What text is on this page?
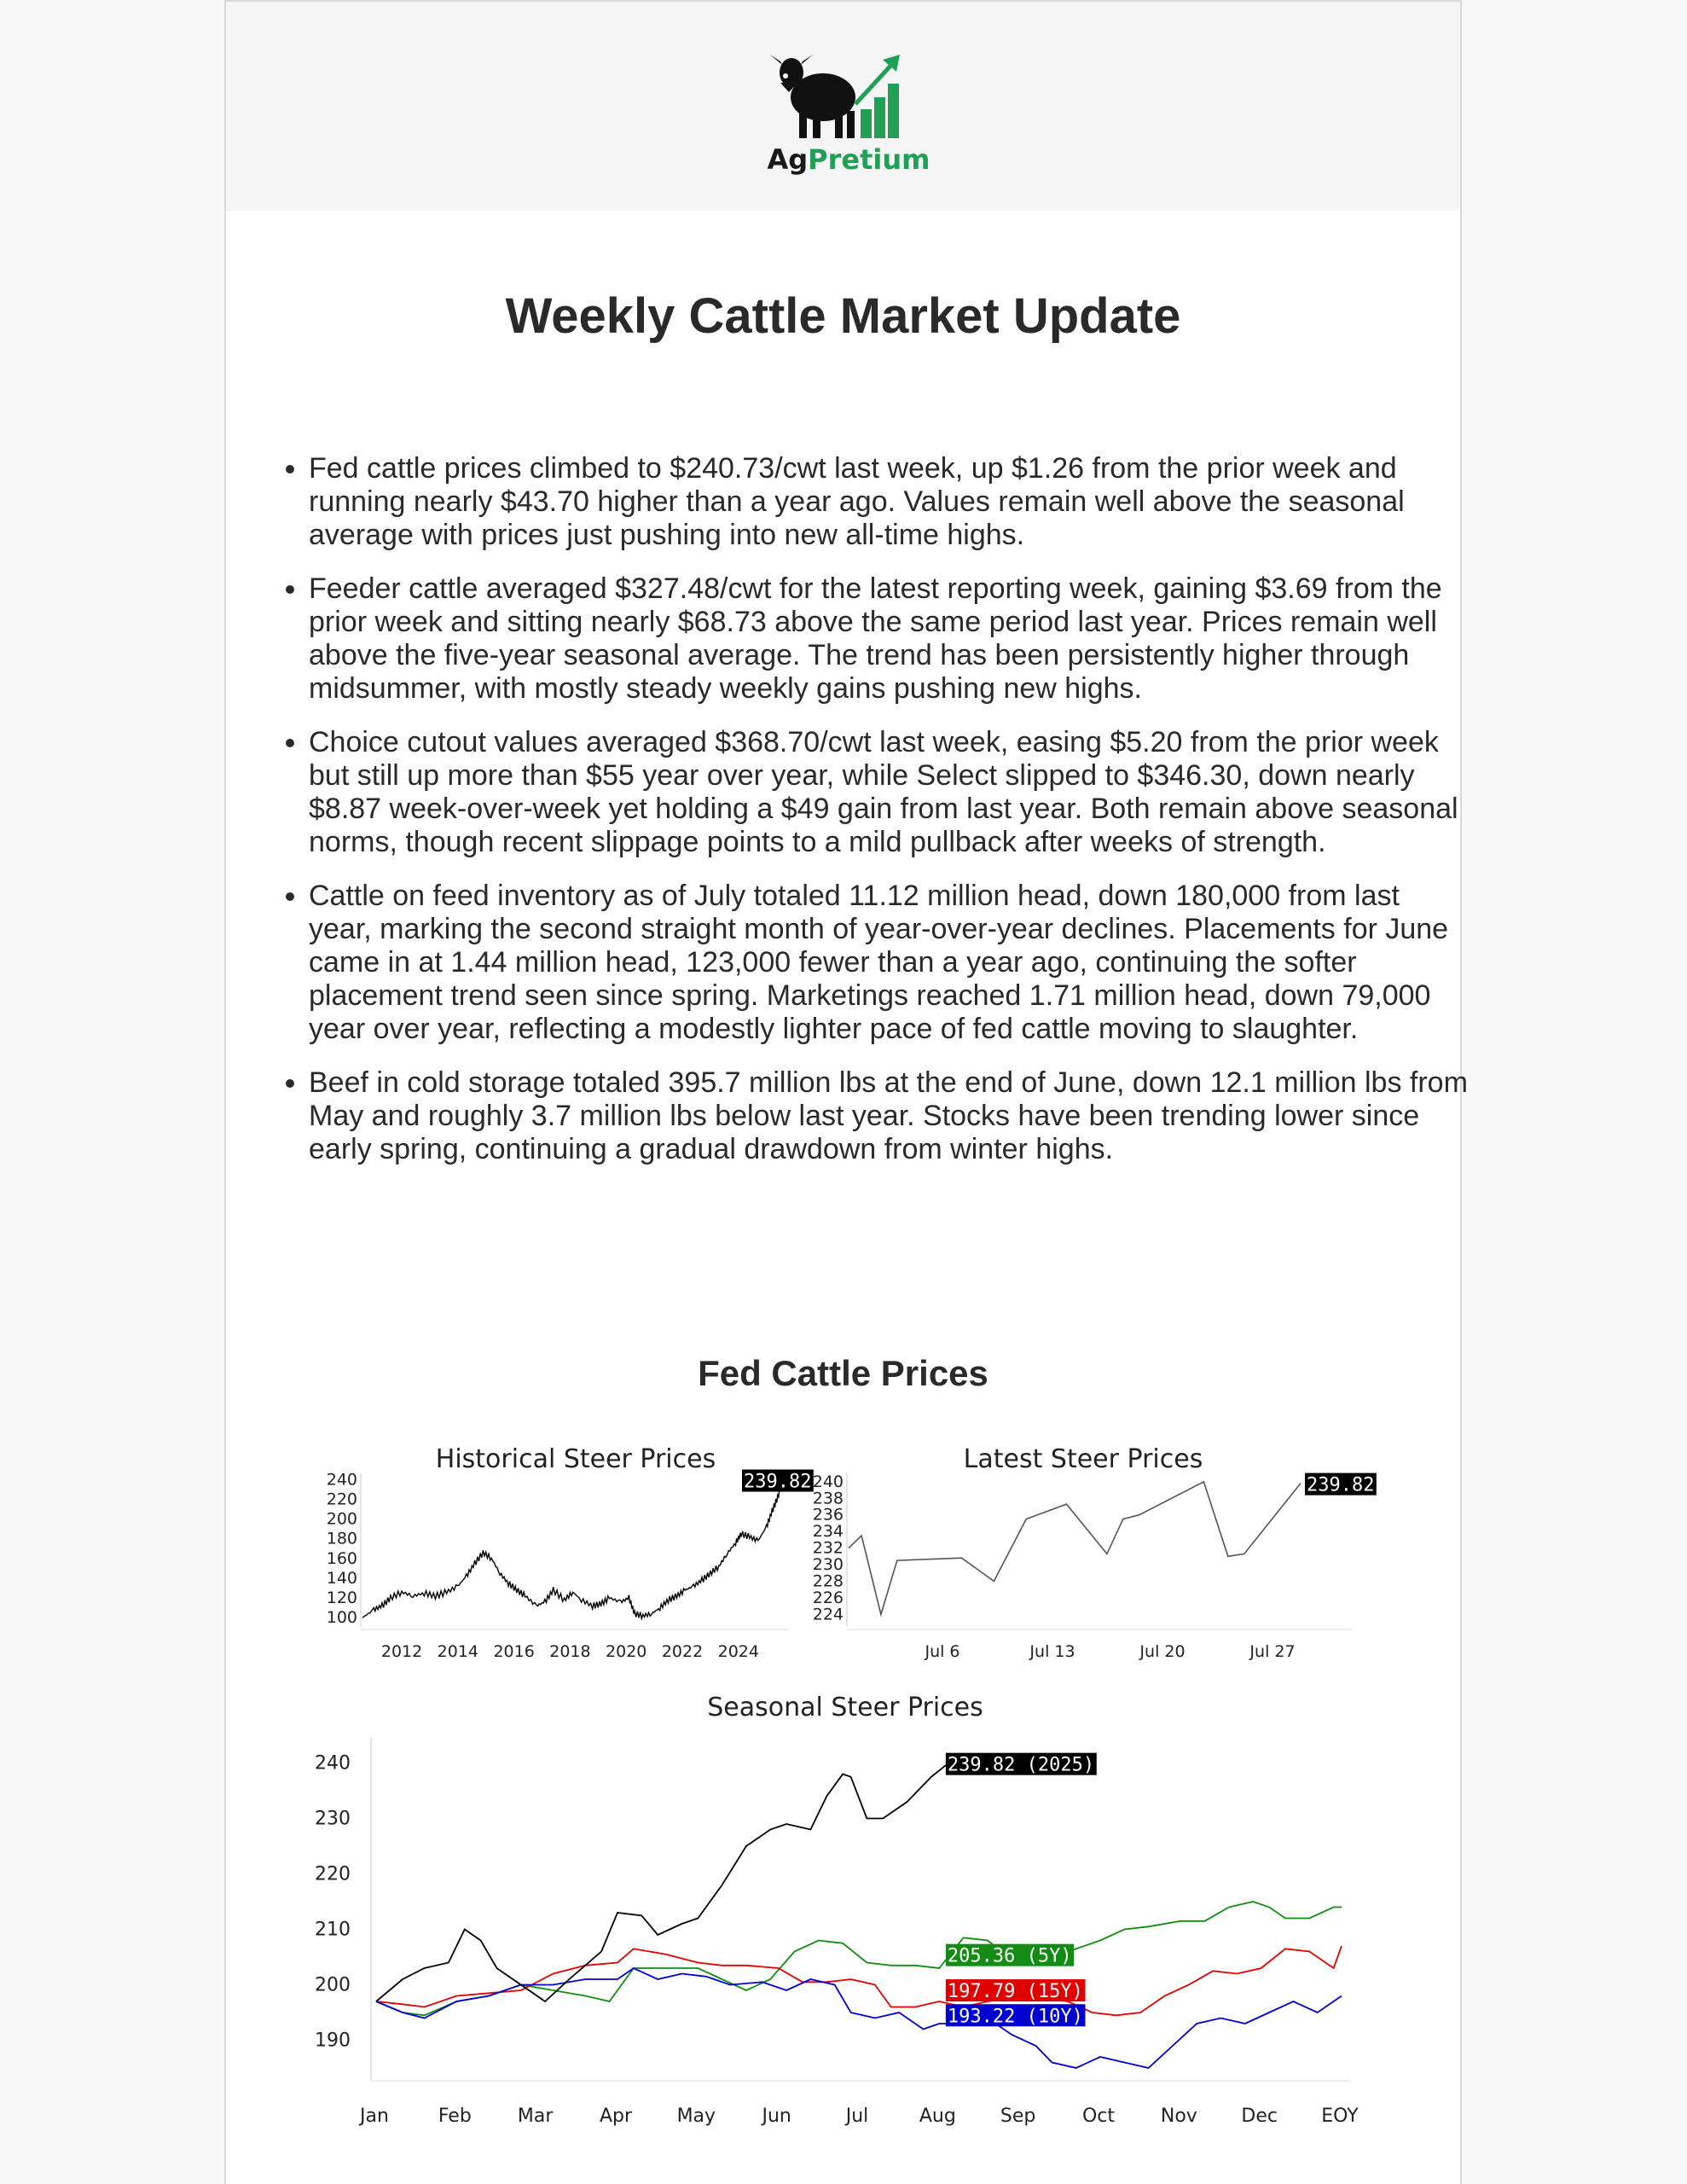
AgPretium
Weekly Cattle Market Update
• Fed cattle prices climbed to $240.73/cwt last week, up $1.26 from the prior week and running nearly $43.70 higher than a year ago. Values remain well above the seasonal average with prices just pushing into new all-time highs.
• Feeder cattle averaged $327.48/cwt for the latest reporting week, gaining $3.69 from the prior week and sitting nearly $68.73 above the same period last year. Prices remain well above the five-year seasonal average. The trend has been persistently higher through midsummer, with mostly steady weekly gains pushing new highs.
• Choice cutout values averaged $368.70/cwt last week, easing $5.20 from the prior week but still up more than $55 year over year, while Select slipped to $346.30, down nearly $8.87 week-over-week yet holding a $49 gain from last year. Both remain above seasonal norms, though recent slippage points to a mild pullback after weeks of strength.
• Cattle on feed inventory as of July totaled 11.12 million head, down 180,000 from last year, marking the second straight month of year-over-year declines. Placements for June came in at 1.44 million head, 123,000 fewer than a year ago, continuing the softer placement trend seen since spring. Marketings reached 1.71 million head, down 79,000 year over year, reflecting a modestly lighter pace of fed cattle moving to slaughter.
• Beef in cold storage totaled 395.7 million lbs at the end of June, down 12.1 million lbs from May and roughly 3.7 million lbs below last year. Stocks have been trending lower since early spring, continuing a gradual drawdown from winter highs.
Fed Cattle Prices
Historical Steer Prices
100
120
140
160
180
200
220
240
2012 2014 2016 2018 2020 2022 2024
239.82
Latest Steer Prices
224
226
228
230
232
234
236
238
240
Jul 6	Jul 13	Jul 20	Jul 27
239.82
Seasonal Steer Prices
190
200
210
220
230
240
Jan	Feb Mar Apr May Jun	Jul	Aug Sep Oct Nov Dec EOY
239.82 (2025)
205.36 (5Y)
197.79 (15Y)
193.22 (10Y)
